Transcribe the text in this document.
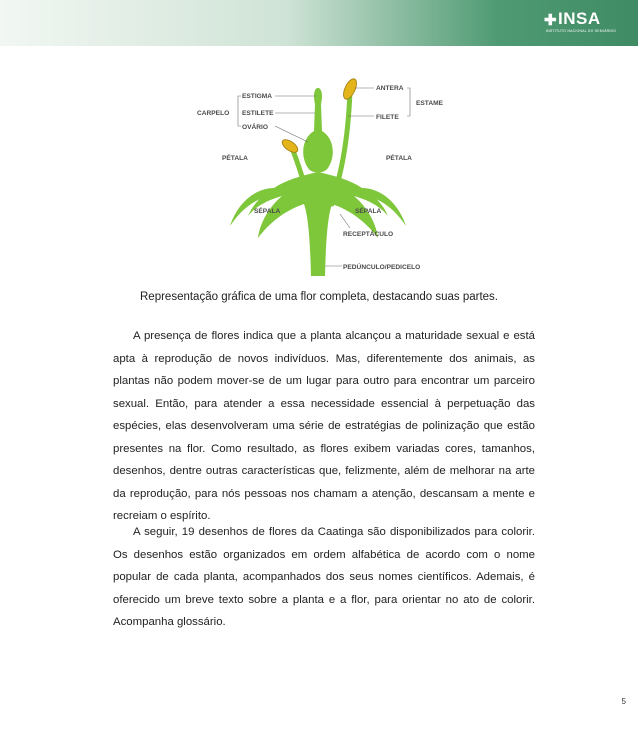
✚ INSA
INSTITUTO NACIONAL DO SEMIÁRIDO
ANTERA
ESTAME
FILETE
ESTIGMA
CARPELO ESTILETE
OVÁRIO
PÉTALA	PÉTALA
SÉPALA	SÉPALA
RECEPTÁCULO
PEDÚNCULO/PEDICELO
Representação gráfica de uma flor completa, destacando suas partes.

A presença de flores indica que a planta alcançou a maturidade sexual e está apta à reprodução de novos indivíduos. Mas, diferentemente dos animais, as plantas não podem mover-se de um lugar para outro para encontrar um parceiro sexual. Então, para atender a essa necessidade essencial à perpetuação das espécies, elas desenvolveram uma série de estratégias de polinização que estão presentes na flor. Como resultado, as flores exibem variadas cores, tamanhos, desenhos, dentre outras características que, felizmente, além de melhorar na arte da reprodução, para nós pessoas nos chamam a atenção, descansam a mente e recreiam o espírito.

A seguir, 19 desenhos de flores da Caatinga são disponibilizados para colorir. Os desenhos estão organizados em ordem alfabética de acordo com o nome popular de cada planta, acompanhados dos seus nomes científicos. Ademais, é oferecido um breve texto sobre a planta e a flor, para orientar no ato de colorir. Acompanha glossário.

5
